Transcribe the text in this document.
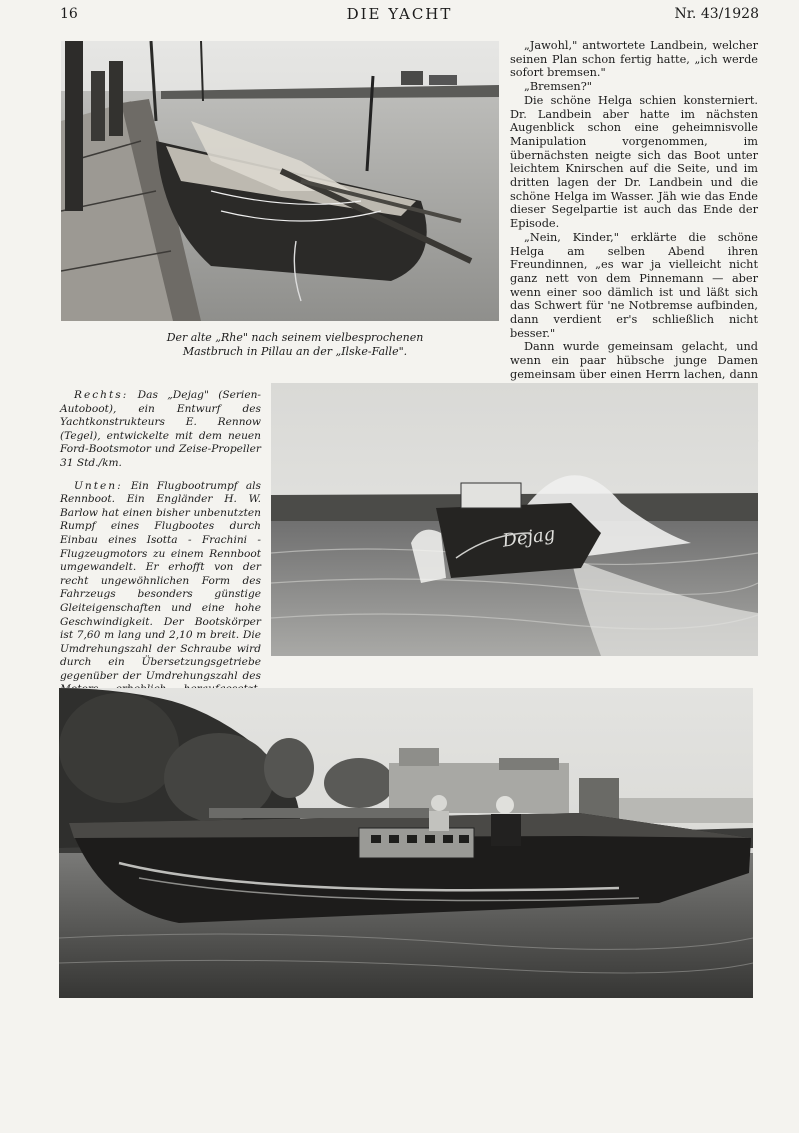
16	DIE YACHT	Nr. 43/1928
Der alte „Rhe" nach seinem vielbesprochenen
Mastbruch in Pillau an der „Ilske-Falle".

„Jawohl," antwortete Landbein, welcher seinen Plan schon fertig hatte, „ich werde sofort bremsen."

„Bremsen?"

Die schöne Helga schien konsterniert. Dr. Landbein aber hatte im nächsten Augenblick schon eine geheimnisvolle Manipulation vorgenommen, im übernächsten neigte sich das Boot unter leichtem Knirschen auf die Seite, und im dritten lagen der Dr. Landbein und die schöne Helga im Wasser. Jäh wie das Ende dieser Segelpartie ist auch das Ende der Episode.

„Nein, Kinder," erklärte die schöne Helga am selben Abend ihren Freundinnen, „es war ja vielleicht nicht ganz nett von dem Pinnemann — aber wenn einer soo dämlich ist und läßt sich das Schwert für 'ne Notbremse aufbinden, dann verdient er's schließlich nicht besser."

Dann wurde gemeinsam gelacht, und wenn ein paar hübsche junge Damen gemeinsam über einen Herrn lachen, dann

Rechts: Das „Dejag" (Serien-Autoboot), ein Entwurf des Yachtkonstrukteurs E. Rennow (Tegel), entwickelte mit dem neuen Ford-Bootsmotor und Zeise-Propeller 31 Std./km.

Unten: Ein Flugbootrumpf als Rennboot. Ein Engländer H. W. Barlow hat einen bisher unbenutzten Rumpf eines Flugbootes durch Einbau eines Isotta - Frachini - Flugzeugmotors zu einem Rennboot umgewandelt. Er erhofft von der recht ungewöhnlichen Form des Fahrzeugs besonders günstige Gleiteigenschaften und eine hohe Geschwindigkeit. Der Bootskörper ist 7,60 m lang und 2,10 m breit. Die Umdrehungszahl der Schraube wird durch ein Übersetzungsgetriebe gegenüber der Umdrehungszahl des

Dejag
